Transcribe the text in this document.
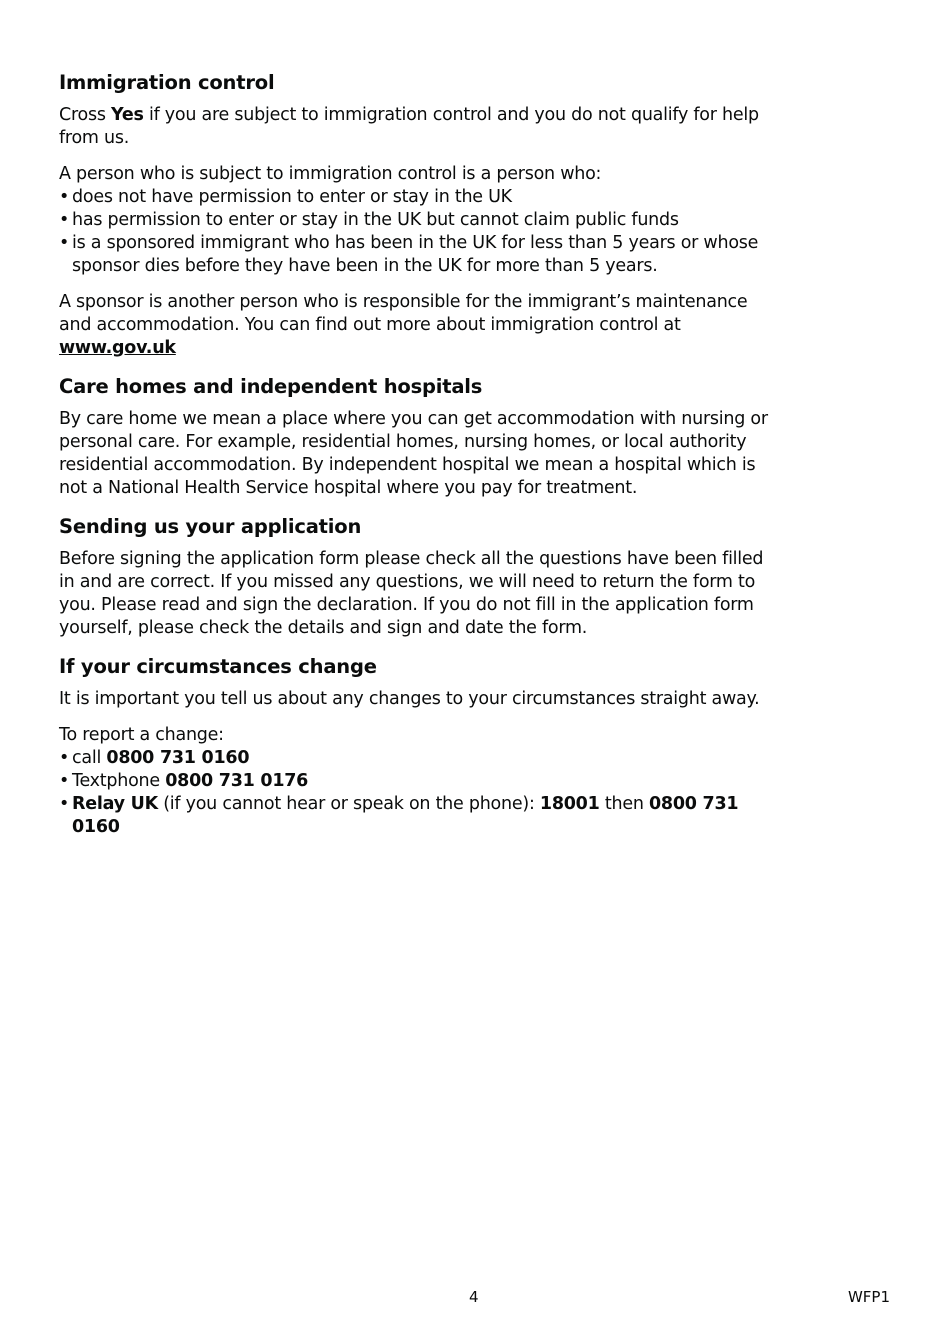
Immigration control

Cross Yes if you are subject to immigration control and you do not qualify for help from us.

A person who is subject to immigration control is a person who:

• does not have permission to enter or stay in the UK
• has permission to enter or stay in the UK but cannot claim public funds
• is a sponsored immigrant who has been in the UK for less than 5 years or whose sponsor dies before they have been in the UK for more than 5 years.

A sponsor is another person who is responsible for the immigrant’s maintenance and accommodation. You can find out more about immigration control at www.gov.uk

Care homes and independent hospitals

By care home we mean a place where you can get accommodation with nursing or personal care. For example, residential homes, nursing homes, or local authority residential accommodation. By independent hospital we mean a hospital which is not a National Health Service hospital where you pay for treatment.

Sending us your application

Before signing the application form please check all the questions have been filled in and are correct. If you missed any questions, we will need to return the form to you. Please read and sign the declaration. If you do not fill in the application form yourself, please check the details and sign and date the form.

If your circumstances change

It is important you tell us about any changes to your circumstances straight away.

To report a change:

• call 0800 731 0160
• Textphone 0800 731 0176
• Relay UK (if you cannot hear or speak on the phone): 18001 then 0800 731 0160
4	WFP1
